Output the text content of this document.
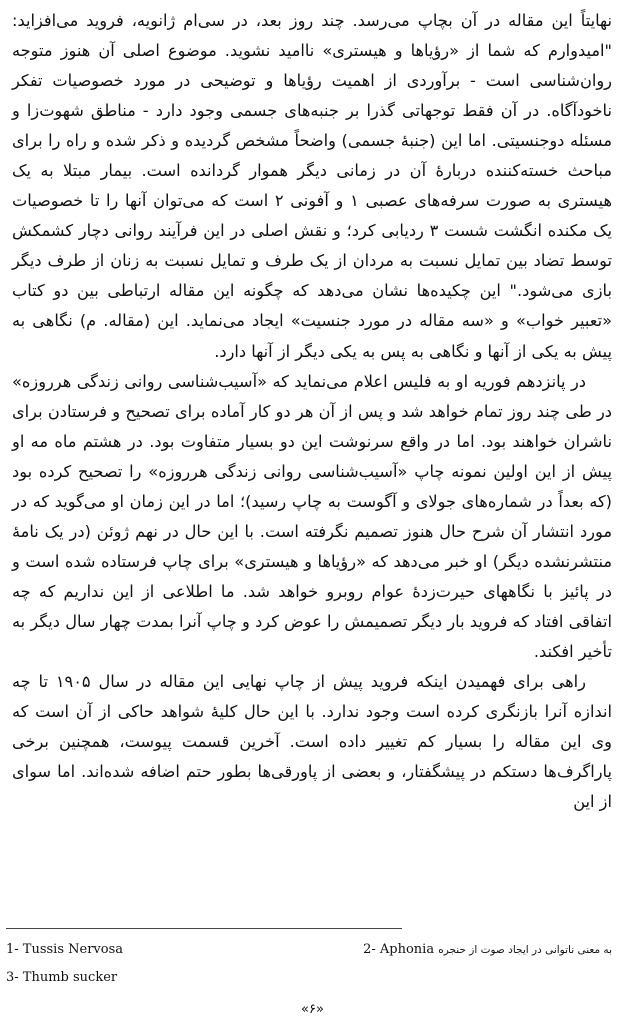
نهایتاً این مقاله در آن بچاپ می‌رسد. چند روز بعد، در سی‌ام ژانویه، فروید می‌افزاید: "امیدوارم که شما از «رؤیاها و هیستری» ناامید نشوید. موضوع اصلی آن هنوز متوجه روان‌شناسی است - برآوردی از اهمیت رؤیاها و توضیحی در مورد خصوصیات تفکر ناخودآگاه. در آن فقط توجهاتی گذرا بر جنبه‌های جسمی وجود دارد - مناطق شهوت‌زا و مسئله دوجنسیتی. اما این (جنبهٔ جسمی) واضحاً مشخص گردیده و ذکر شده و راه را برای مباحث خسته‌کننده دربارهٔ آن در زمانی دیگر هموار گردانده است. بیمار مبتلا به یک هیستری به صورت سرفه‌های عصبی ۱ و آفونی ۲ است که می‌توان آنها را تا خصوصیات یک مکنده انگشت شست ۳ ردیابی کرد؛ و نقش اصلی در این فرآیند روانی دچار کشمکش توسط تضاد بین تمایل نسبت به مردان از یک طرف و تمایل نسبت به زنان از طرف دیگر بازی می‌شود." این چکیده‌ها نشان می‌دهد که چگونه این مقاله ارتباطی بین دو کتاب «تعبیر خواب» و «سه مقاله در مورد جنسیت» ایجاد می‌نماید. این (مقاله. م) نگاهی به پیش به یکی از آنها و نگاهی به پس به یکی دیگر از آنها دارد.

در پانزدهم فوریه او به فلیس اعلام می‌نماید که «آسیب‌شناسی روانی زندگی هرروزه» در طی چند روز تمام خواهد شد و پس از آن هر دو کار آماده برای تصحیح و فرستادن برای ناشران خواهند بود. اما در واقع سرنوشت این دو بسیار متفاوت بود. در هشتم ماه مه او پیش از این اولین نمونه چاپ «آسیب‌شناسی روانی زندگی هرروزه» را تصحیح کرده بود (که بعداً در شماره‌های جولای و آگوست به چاپ رسید)؛ اما در این زمان او می‌گوید که در مورد انتشار آن شرح حال هنوز تصمیم نگرفته است. با این حال در نهم ژوئن (در یک نامهٔ منتشرنشده دیگر) او خبر می‌دهد که «رؤیاها و هیستری» برای چاپ فرستاده شده است و در پائیز با نگاههای حیرت‌زدهٔ عوام روبرو خواهد شد. ما اطلاعی از این نداریم که چه اتفاقی افتاد که فروید بار دیگر تصمیمش را عوض کرد و چاپ آنرا بمدت چهار سال دیگر به تأخیر افکند.

راهی برای فهمیدن اینکه فروید پیش از چاپ نهایی این مقاله در سال ۱۹۰۵ تا چه اندازه آنرا بازنگری کرده است وجود ندارد. با این حال کلیهٔ شواهد حاکی از آن است که وی این مقاله را بسیار کم تغییر داده است. آخرین قسمت پیوست، همچنین برخی پاراگرف‌ها دستکم در پیشگفتار، و بعضی از پاورقی‌ها بطور حتم اضافه شده‌اند. اما سوای از این

1- Tussis Nervosa	2- Aphonia به معنی ناتوانی در ایجاد صوت از حنجره
3- Thumb sucker
«۶»
